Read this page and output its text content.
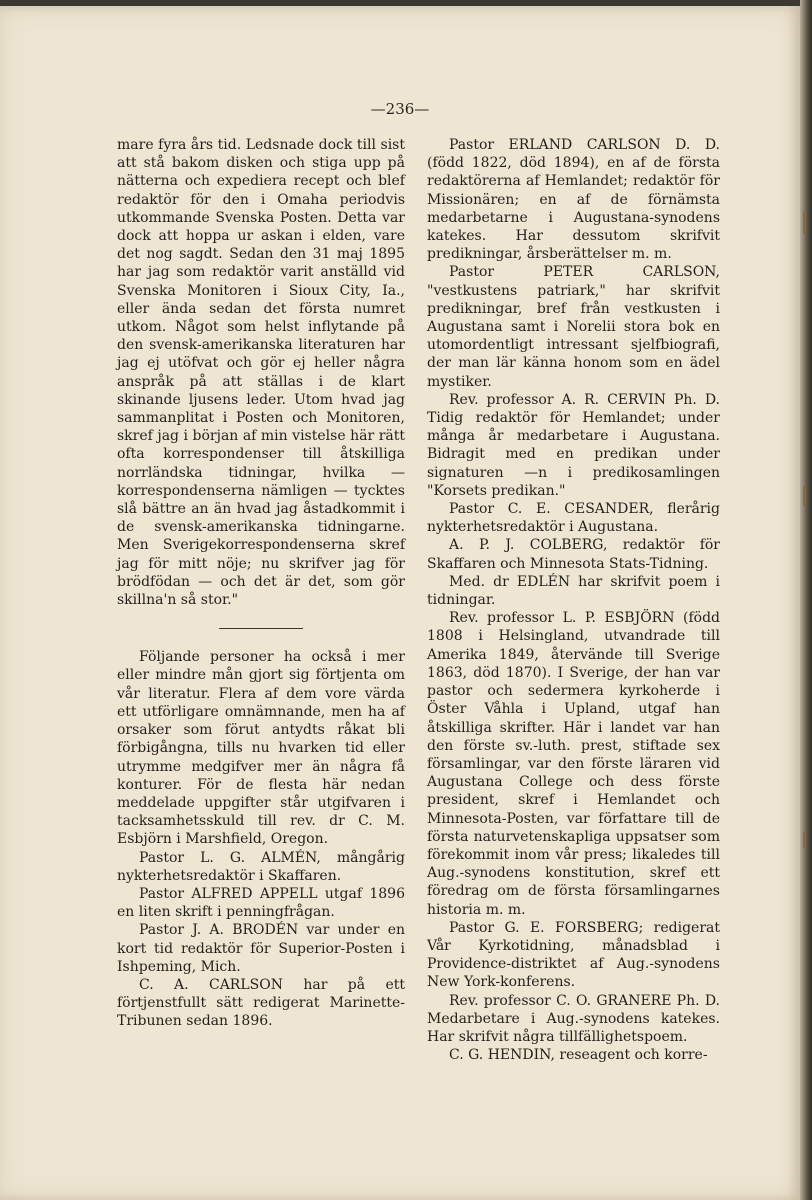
—236—

mare fyra års tid. Ledsnade dock till sist att stå bakom disken och stiga upp på nätterna och expediera recept och blef redaktör för den i Omaha periodvis utkommande Svenska Posten. Detta var dock att hoppa ur askan i elden, vare det nog sagdt. Sedan den 31 maj 1895 har jag som redaktör varit anställd vid Svenska Monitoren i Sioux City, Ia., eller ända sedan det första numret utkom. Något som helst inflytande på den svensk-amerikanska literaturen har jag ej utöfvat och gör ej heller några anspråk på att ställas i de klart skinande ljusens leder. Utom hvad jag sammanplitat i Posten och Monitoren, skref jag i början af min vistelse här rätt ofta korrespondenser till åtskilliga norrländska tidningar, hvilka — korrespondenserna nämligen — tycktes slå bättre an än hvad jag åstadkommit i de svensk-amerikanska tidningarne. Men Sverigekorrespondenserna skref jag för mitt nöje; nu skrifver jag för brödfödan — och det är det, som gör skillna'n så stor."

Följande personer ha också i mer eller mindre mån gjort sig förtjenta om vår literatur. Flera af dem vore värda ett utförligare omnämnande, men ha af orsaker som förut antydts råkat bli förbigångna, tills nu hvarken tid eller utrymme medgifver mer än några få konturer. För de flesta här nedan meddelade uppgifter står utgifvaren i tacksamhetsskuld till rev. dr C. M. Esbjörn i Marshfield, Oregon.

Pastor L. G. ALMÉN, mångårig nykterhetsredaktör i Skaffaren.

Pastor ALFRED APPELL utgaf 1896 en liten skrift i penningfrågan.

Pastor J. A. BRODÉN var under en kort tid redaktör för Superior-Posten i Ishpeming, Mich.

C. A. CARLSON har på ett förtjenstfullt sätt redigerat Marinette-Tribunen sedan 1896.

Pastor ERLAND CARLSON D. D. (född 1822, död 1894), en af de första redaktörerna af Hemlandet; redaktör för Missionären; en af de förnämsta medarbetarne i Augustana-synodens katekes. Har dessutom skrifvit predikningar, årsberättelser m. m.

Pastor PETER CARLSON, "vestkustens patriark," har skrifvit predikningar, bref från vestkusten i Augustana samt i Norelii stora bok en utomordentligt intressant sjelfbiografi, der man lär känna honom som en ädel mystiker.

Rev. professor A. R. CERVIN Ph. D. Tidig redaktör för Hemlandet; under många år medarbetare i Augustana. Bidragit med en predikan under signaturen —n i predikosamlingen "Korsets predikan."

Pastor C. E. CESANDER, flerårig nykterhetsredaktör i Augustana.

A. P. J. COLBERG, redaktör för Skaffaren och Minnesota Stats-Tidning.

Med. dr EDLÉN har skrifvit poem i tidningar.

Rev. professor L. P. ESBJÖRN (född 1808 i Helsingland, utvandrade till Amerika 1849, återvände till Sverige 1863, död 1870). I Sverige, der han var pastor och sedermera kyrkoherde i Öster Våhla i Upland, utgaf han åtskilliga skrifter. Här i landet var han den förste sv.-luth. prest, stiftade sex församlingar, var den förste läraren vid Augustana College och dess förste president, skref i Hemlandet och Minnesota-Posten, var författare till de första naturvetenskapliga uppsatser som förekommit inom vår press; likaledes till Aug.-synodens konstitution, skref ett föredrag om de första församlingarnes historia m. m.

Pastor G. E. FORSBERG; redigerat Vår Kyrkotidning, månadsblad i Providence-distriktet af Aug.-synodens New York-konferens.

Rev. professor C. O. GRANERE Ph. D. Medarbetare i Aug.-synodens katekes. Har skrifvit några tillfällighetspoem.

C. G. HENDIN, reseagent och korre-
